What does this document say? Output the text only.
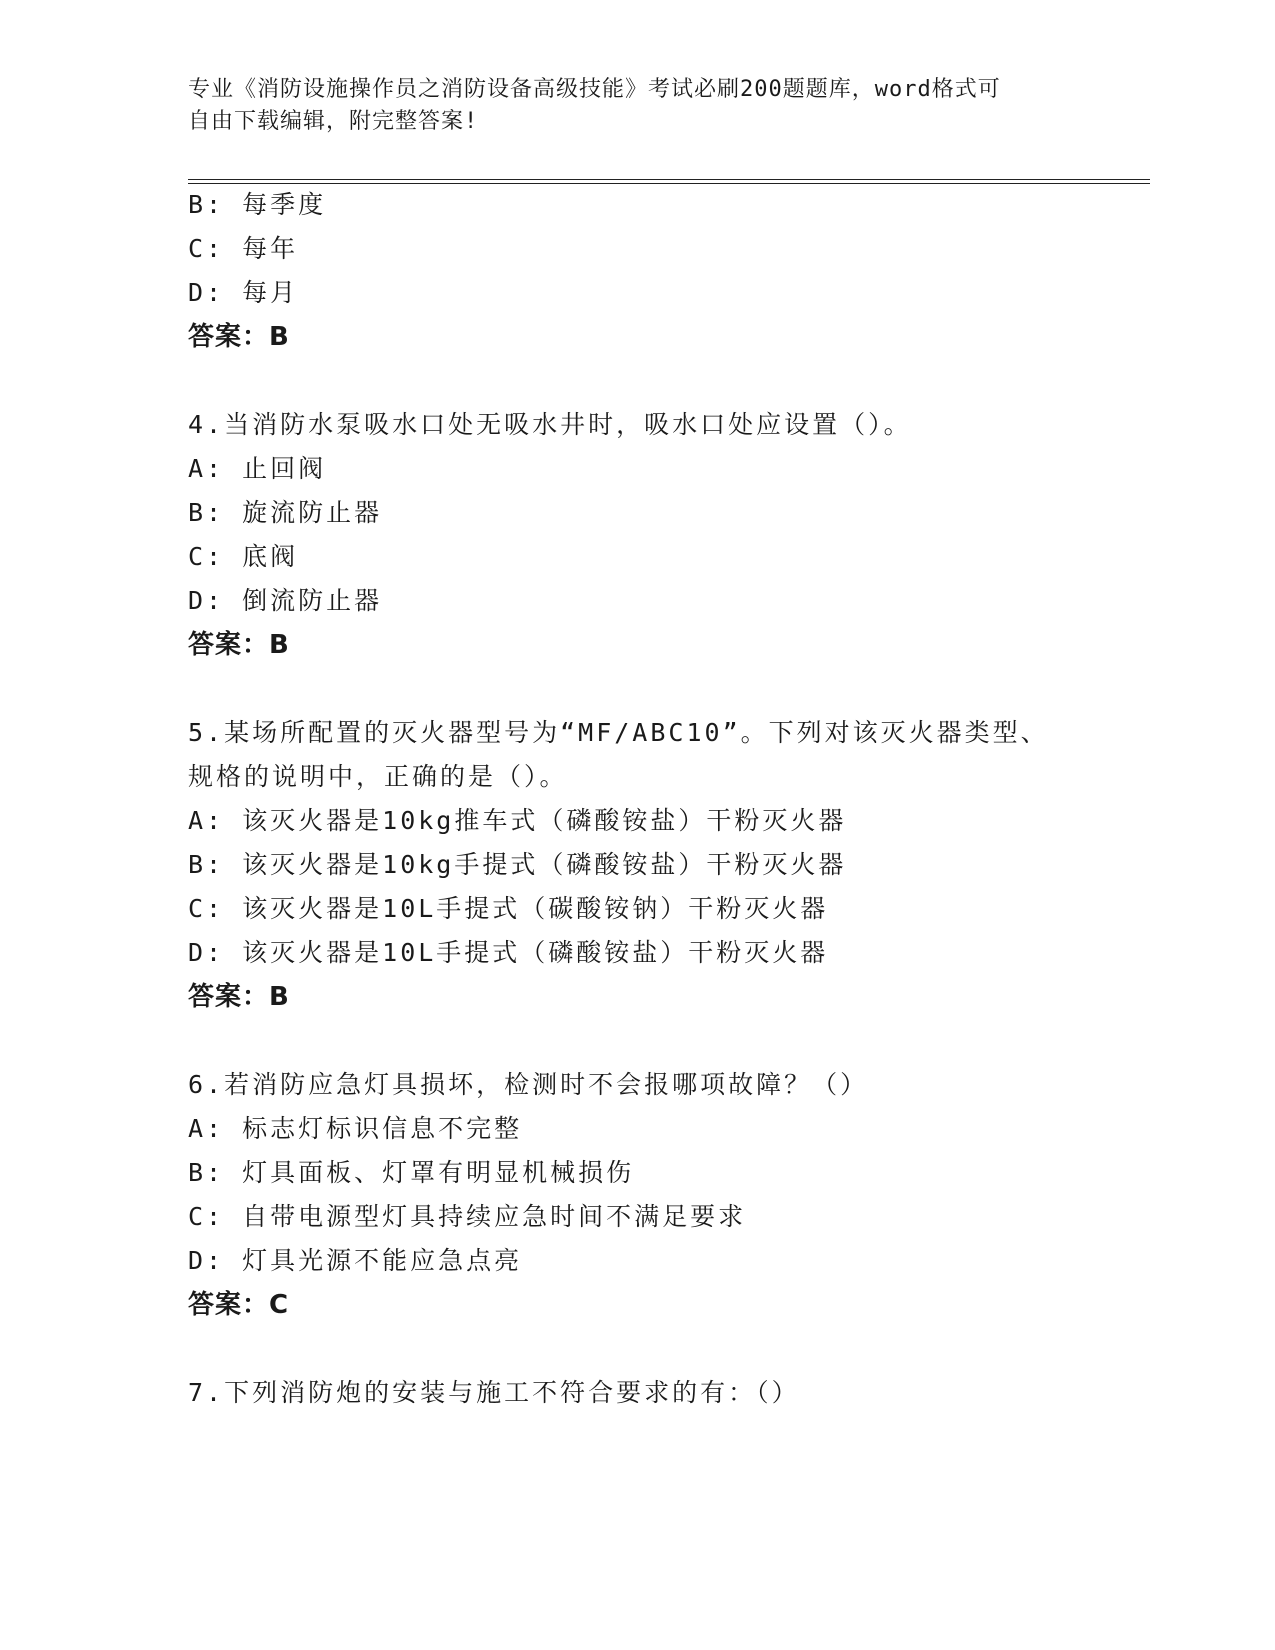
专业《消防设施操作员之消防设备高级技能》考试必刷200题题库，word格式可
自由下载编辑，附完整答案!
B: 每季度
C: 每年
D: 每月
答案：B
4.当消防水泵吸水口处无吸水井时，吸水口处应设置（）。
A: 止回阀
B: 旋流防止器
C: 底阀
D: 倒流防止器
答案：B
5.某场所配置的灭火器型号为“MF/ABC10”。下列对该灭火器类型、
规格的说明中，正确的是（）。
A: 该灭火器是10kg推车式（磷酸铵盐）干粉灭火器
B: 该灭火器是10kg手提式（磷酸铵盐）干粉灭火器
C: 该灭火器是10L手提式（碳酸铵钠）干粉灭火器
D: 该灭火器是10L手提式（磷酸铵盐）干粉灭火器
答案：B
6.若消防应急灯具损坏，检测时不会报哪项故障？（）
A: 标志灯标识信息不完整
B: 灯具面板、灯罩有明显机械损伤
C: 自带电源型灯具持续应急时间不满足要求
D: 灯具光源不能应急点亮
答案：C
7.下列消防炮的安装与施工不符合要求的有：（）
